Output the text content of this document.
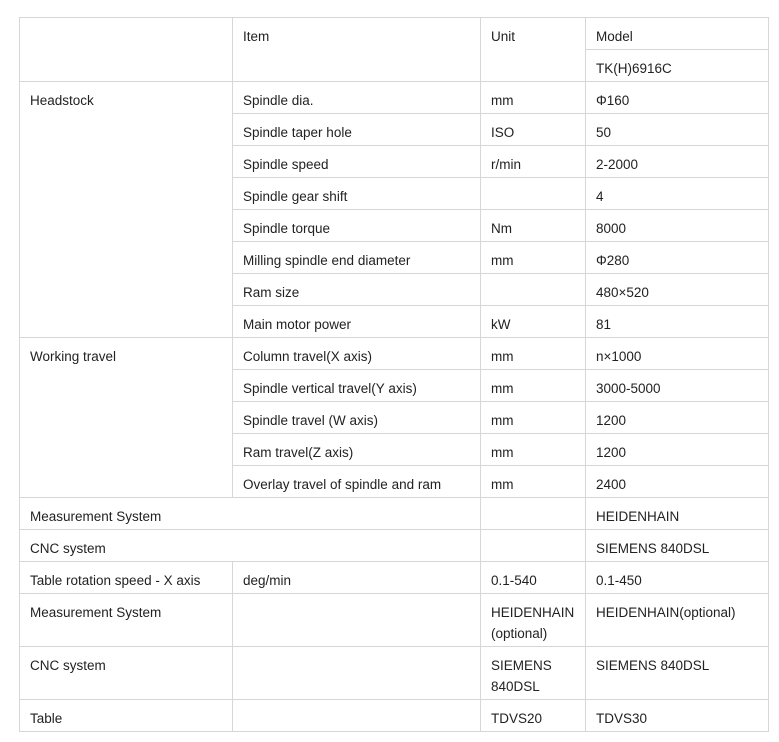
	Item	Unit	Model
			TK(H)6916C
Headstock	Spindle dia.	mm	Φ160
	Spindle taper hole	ISO	50
	Spindle speed	r/min	2-2000
	Spindle gear shift		4
	Spindle torque	Nm	8000
	Milling spindle end diameter	mm	Φ280
	Ram size		480×520
	Main motor power	kW	81
Working travel	Column travel(X axis)	mm	n×1000
	Spindle vertical travel(Y axis)	mm	3000-5000
	Spindle travel (W axis)	mm	1200
	Ram travel(Z axis)	mm	1200
	Overlay travel of spindle and ram	mm	2400
Measurement System			HEIDENHAIN
CNC system			SIEMENS 840DSL
Table rotation speed - X axis	deg/min	0.1-540	0.1-450
Measurement System		HEIDENHAIN (optional)	HEIDENHAIN(optional)
CNC system		SIEMENS 840DSL	SIEMENS 840DSL
Table		TDVS20	TDVS30
